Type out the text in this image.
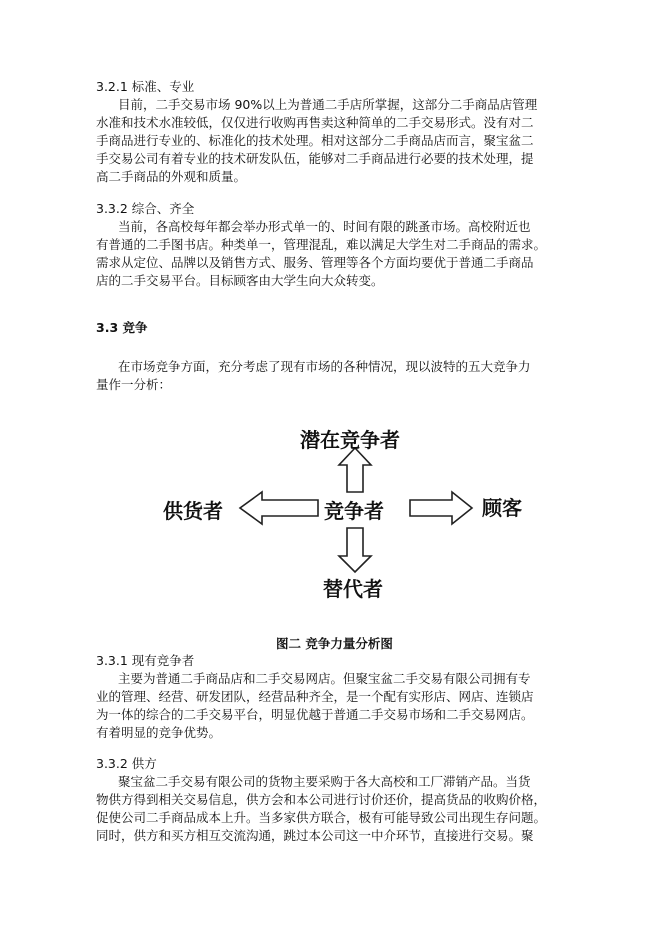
3.2.1 标准、专业
目前，二手交易市场 90%以上为普通二手店所掌握，这部分二手商品店管理
水准和技术水准较低，仅仅进行收购再售卖这种简单的二手交易形式。没有对二
手商品进行专业的、标准化的技术处理。相对这部分二手商品店而言，聚宝盆二
手交易公司有着专业的技术研发队伍，能够对二手商品进行必要的技术处理，提
高二手商品的外观和质量。
3.3.2 综合、齐全
当前，各高校每年都会举办形式单一的、时间有限的跳蚤市场。高校附近也
有普通的二手图书店。种类单一，管理混乱，难以满足大学生对二手商品的需求。
需求从定位、品牌以及销售方式、服务、管理等各个方面均要优于普通二手商品
店的二手交易平台。目标顾客由大学生向大众转变。
3.3 竞争
在市场竞争方面，充分考虑了现有市场的各种情况，现以波特的五大竞争力
量作一分析：
潜在竞争者
供货者	竞争者	顾客
替代者
图二 竞争力量分析图
3.3.1 现有竞争者
主要为普通二手商品店和二手交易网店。但聚宝盆二手交易有限公司拥有专
业的管理、经营、研发团队，经营品种齐全，是一个配有实形店、网店、连锁店
为一体的综合的二手交易平台，明显优越于普通二手交易市场和二手交易网店。
有着明显的竞争优势。
3.3.2 供方
聚宝盆二手交易有限公司的货物主要采购于各大高校和工厂滞销产品。当货
物供方得到相关交易信息，供方会和本公司进行讨价还价，提高货品的收购价格，
促使公司二手商品成本上升。当多家供方联合，极有可能导致公司出现生存问题。
同时，供方和买方相互交流沟通，跳过本公司这一中介环节，直接进行交易。聚
